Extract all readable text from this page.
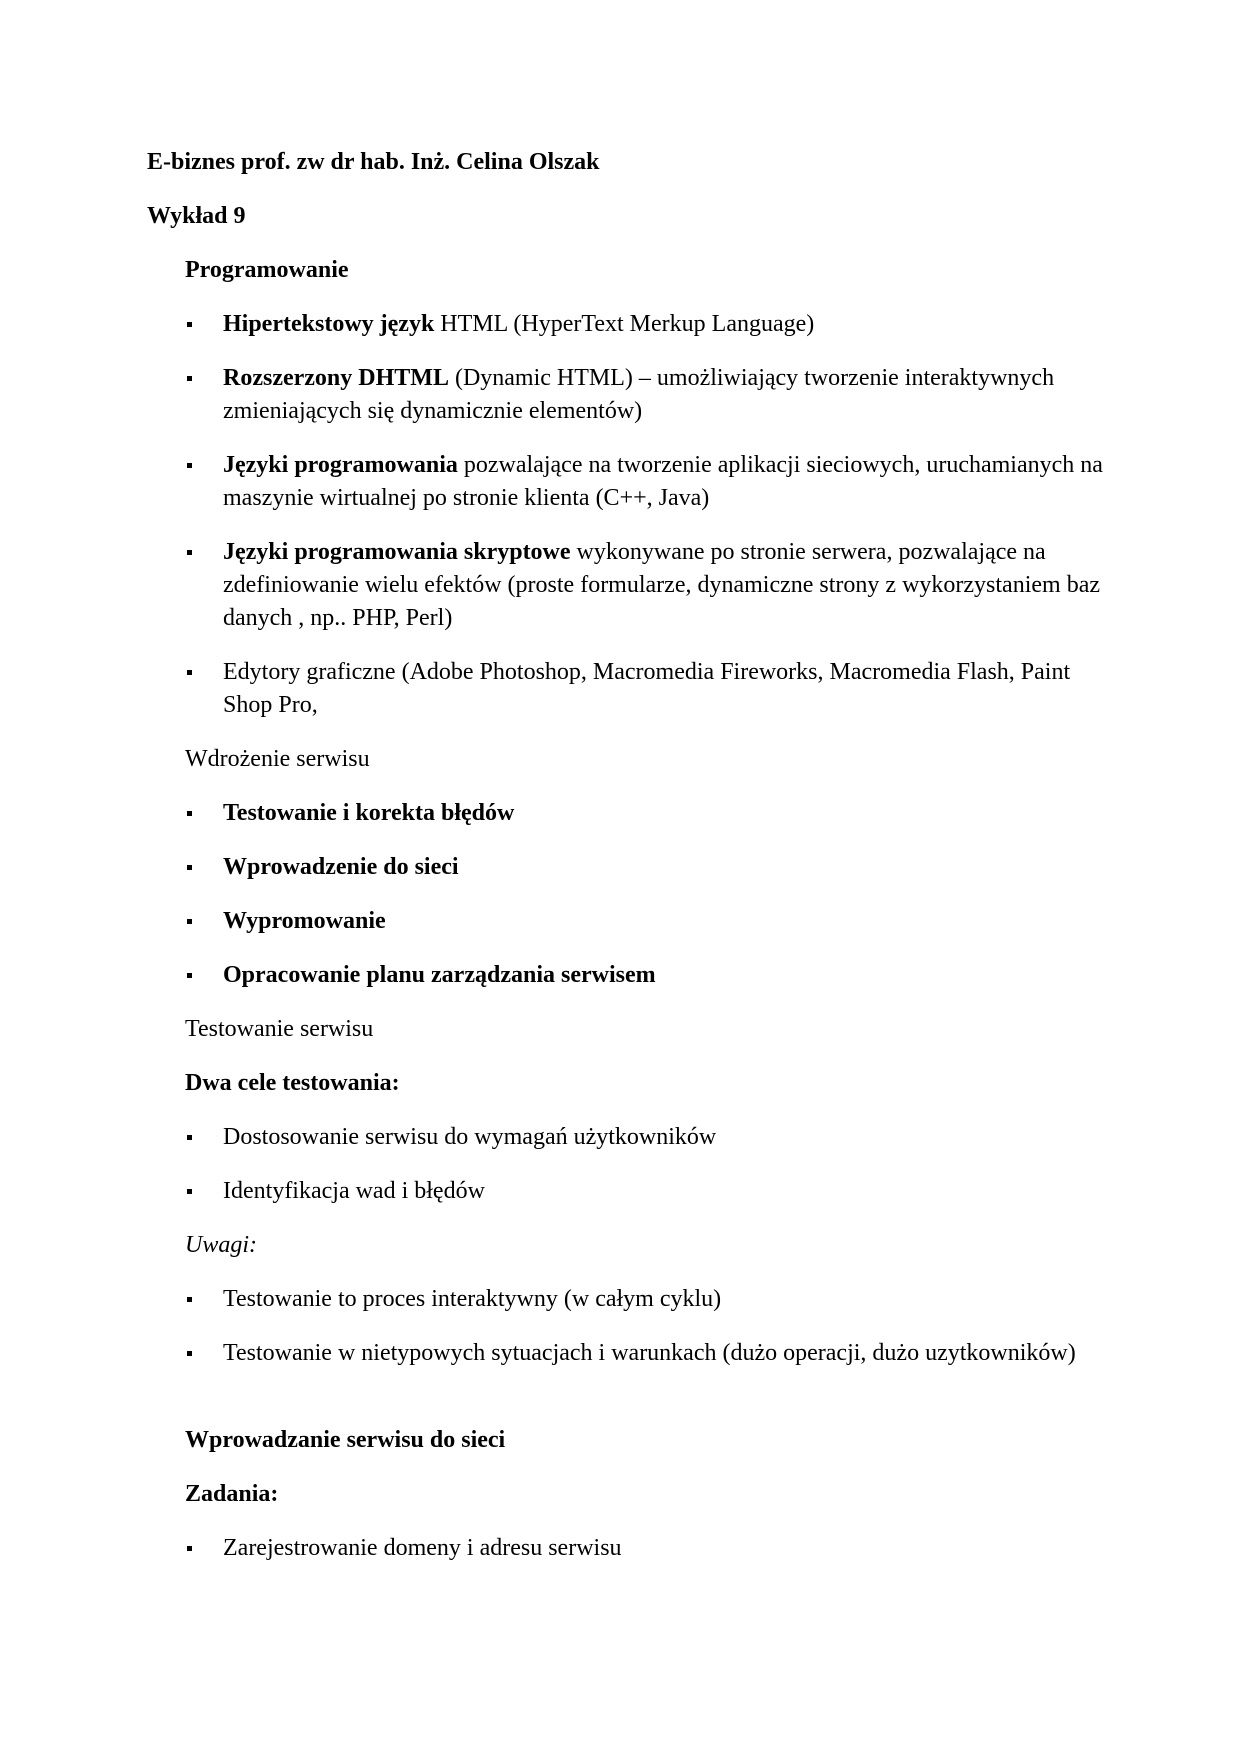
E-biznes prof. zw dr hab. Inż. Celina Olszak
Wykład 9
Programowanie
Hipertekstowy język HTML (HyperText Merkup Language)
Rozszerzony DHTML (Dynamic HTML) – umożliwiający tworzenie interaktywnych zmieniających się dynamicznie elementów)
Języki programowania pozwalające na tworzenie aplikacji sieciowych, uruchamianych na maszynie wirtualnej po stronie klienta (C++, Java)
Języki programowania skryptowe wykonywane po stronie serwera, pozwalające na zdefiniowanie wielu efektów (proste formularze, dynamiczne strony z wykorzystaniem baz danych , np.. PHP, Perl)
Edytory graficzne (Adobe Photoshop, Macromedia Fireworks, Macromedia Flash, Paint Shop Pro,
Wdrożenie serwisu
Testowanie i korekta błędów
Wprowadzenie do sieci
Wypromowanie
Opracowanie planu zarządzania serwisem
Testowanie serwisu
Dwa cele testowania:
Dostosowanie serwisu do wymagań użytkowników
Identyfikacja wad i błędów
Uwagi:
Testowanie to proces interaktywny (w całym cyklu)
Testowanie w nietypowych sytuacjach i warunkach (dużo operacji, dużo uzytkowników)
Wprowadzanie serwisu do sieci
Zadania:
Zarejestrowanie domeny i adresu serwisu
